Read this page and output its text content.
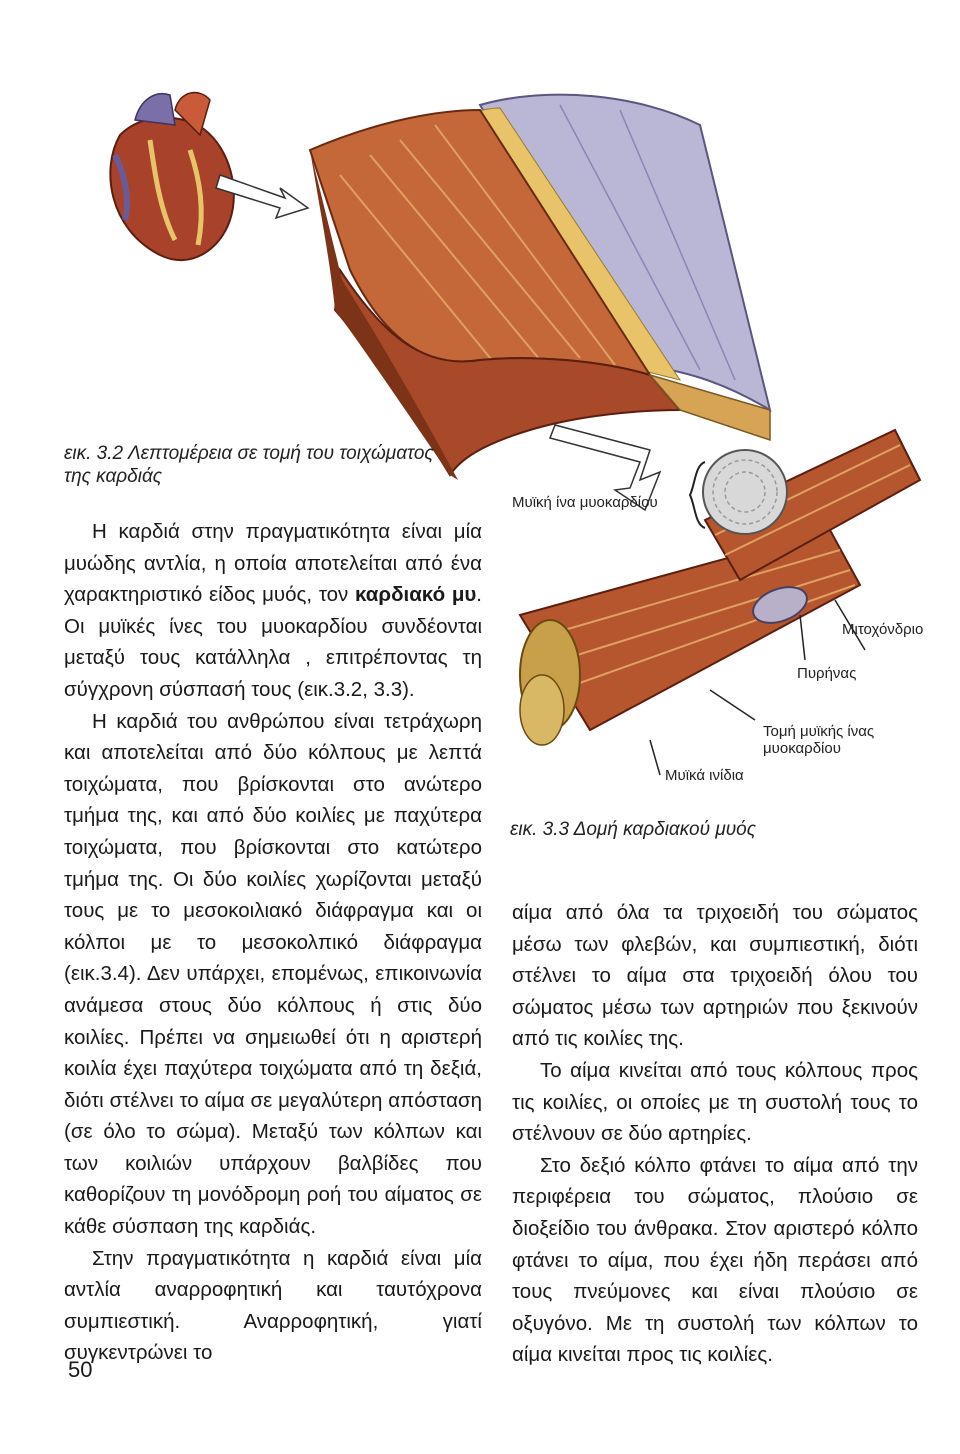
εικ. 3.2 Λεπτομέρεια σε τομή του τοιχώματος της καρδιάς
Μυϊκή ίνα μυοκαρδίου
Μιτοχόνδριο
Πυρήνας
Τομή μυϊκής ίνας μυοκαρδίου
Μυϊκά ινίδια
εικ. 3.3 Δομή καρδιακού μυός

Η καρδιά στην πραγματικότητα είναι μία μυώδης αντλία, η οποία αποτελείται από ένα χαρακτηριστικό είδος μυός, τον καρδιακό μυ. Οι μυϊκές ίνες του μυοκαρδίου συνδέονται μεταξύ τους κατάλληλα , επιτρέποντας τη σύγχρονη σύσπασή τους (εικ.3.2, 3.3).

Η καρδιά του ανθρώπου είναι τετράχωρη και αποτελείται από δύο κόλπους με λεπτά τοιχώματα, που βρίσκονται στο ανώτερο τμήμα της, και από δύο κοιλίες με παχύτερα τοιχώματα, που βρίσκονται στο κατώτερο τμήμα της. Οι δύο κοιλίες χωρίζονται μεταξύ τους με το μεσοκοιλιακό διάφραγμα και οι κόλποι με το μεσοκολπικό διάφραγμα (εικ.3.4). Δεν υπάρχει, επομένως, επικοινωνία ανάμεσα στους δύο κόλπους ή στις δύο κοιλίες. Πρέπει να σημειωθεί ότι η αριστερή κοιλία έχει παχύτερα τοιχώματα από τη δεξιά, διότι στέλνει το αίμα σε μεγαλύτερη απόσταση (σε όλο το σώμα). Μεταξύ των κόλπων και των κοιλιών υπάρχουν βαλβίδες που καθορίζουν τη μονόδρομη ροή του αίματος σε κάθε σύσπαση της καρδιάς.

Στην πραγματικότητα η καρδιά είναι μία αντλία αναρροφητική και ταυτόχρονα συμπιεστική. Αναρροφητική, γιατί συγκεντρώνει το

αίμα από όλα τα τριχοειδή του σώματος μέσω των φλεβών, και συμπιεστική, διότι στέλνει το αίμα στα τριχοειδή όλου του σώματος μέσω των αρτηριών που ξεκινούν από τις κοιλίες της.

Το αίμα κινείται από τους κόλπους προς τις κοιλίες, οι οποίες με τη συστολή τους το στέλνουν σε δύο αρτηρίες.

Στο δεξιό κόλπο φτάνει το αίμα από την περιφέρεια του σώματος, πλούσιο σε διοξείδιο του άνθρακα. Στον αριστερό κόλπο φτάνει το αίμα, που έχει ήδη περάσει από τους πνεύμονες και είναι πλούσιο σε οξυγόνο. Με τη συστολή των κόλπων το αίμα κινείται προς τις κοιλίες.

50
